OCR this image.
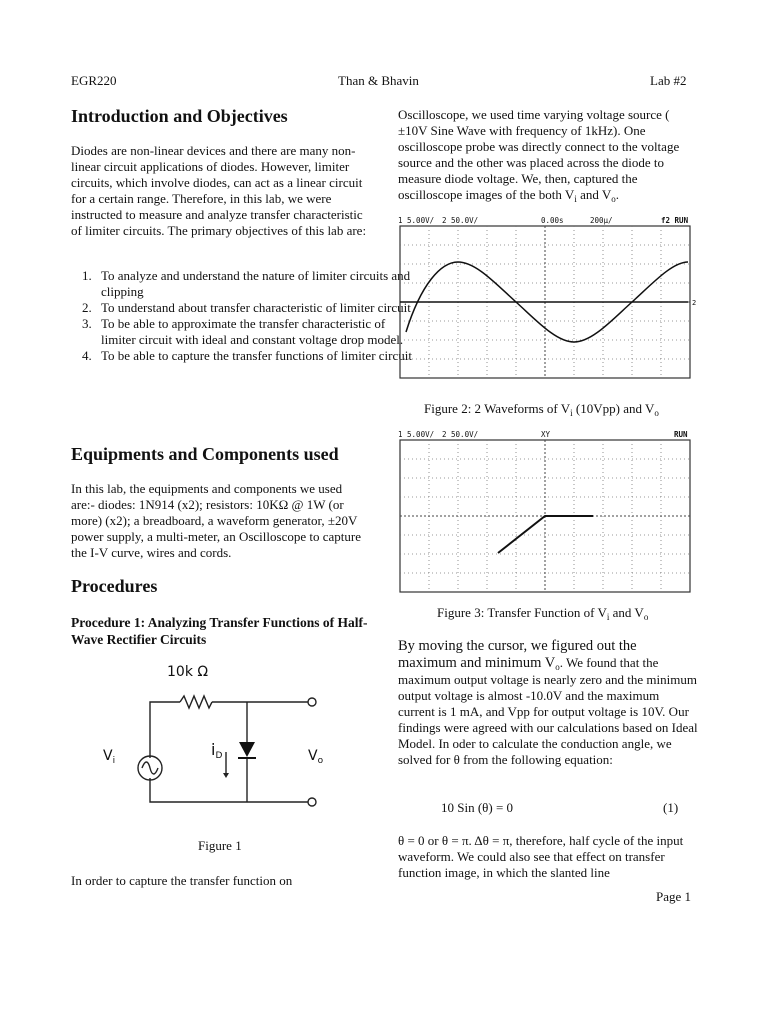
EGR220	Than & Bhavin	Lab #2
Introduction and Objectives
Diodes are non-linear devices and there are many non-linear circuit applications of diodes. However, limiter circuits, which involve diodes, can act as a linear circuit for a certain range. Therefore, in this lab, we were instructed to measure and analyze transfer characteristic of limiter circuits. The primary objectives of this lab are:
1. To analyze and understand the nature of limiter circuits and clipping
2. To understand about transfer characteristic of limiter circuit
3. To be able to approximate the transfer characteristic of limiter circuit with ideal and constant voltage drop model.
4. To be able to capture the transfer functions of limiter circuit
Equipments and Components used
In this lab, the equipments and components we used are:- diodes: 1N914 (x2); resistors: 10KΩ @ 1W (or more) (x2); a breadboard, a waveform generator, ±20V power supply, a multi-meter, an Oscilloscope to capture the I-V curve, wires and cords.
Procedures
Procedure 1: Analyzing Transfer Functions of Half-Wave Rectifier Circuits
10k Ω
$V_i$
$i_D$	$V_o$
Figure 1
In order to capture the transfer function on
Oscilloscope, we used time varying voltage source ( ±10V Sine Wave with frequency of 1kHz). One oscilloscope probe was directly connect to the voltage source and the other was placed across the diode to measure diode voltage. We, then, captured the oscilloscope images of the both $V_i$ and $V_o$.
1 5.00V/ 2 50.0V/	0.00s	200μ/	f2 RUN
2
Figure 2: 2 Waveforms of $V_i$ (10Vpp) and $V_o$
1 5.00V/ 2 50.0V/	XY	RUN
Figure 3: Transfer Function of $V_i$ and $V_o$
By moving the cursor, we figured out the maximum and minimum $V_o$. We found that the maximum output voltage is nearly zero and the minimum output voltage is almost -10.0V and the maximum current is 1 mA, and Vpp for output voltage is 10V. Our findings were agreed with our calculations based on Ideal Model. In oder to calculate the conduction angle, we solved for θ from the following equation:
10 Sin (θ) = 0	(1)
θ = 0 or θ = π. Δθ = π, therefore, half cycle of the input waveform. We could also see that effect on transfer function image, in which the slanted line
Page 1
